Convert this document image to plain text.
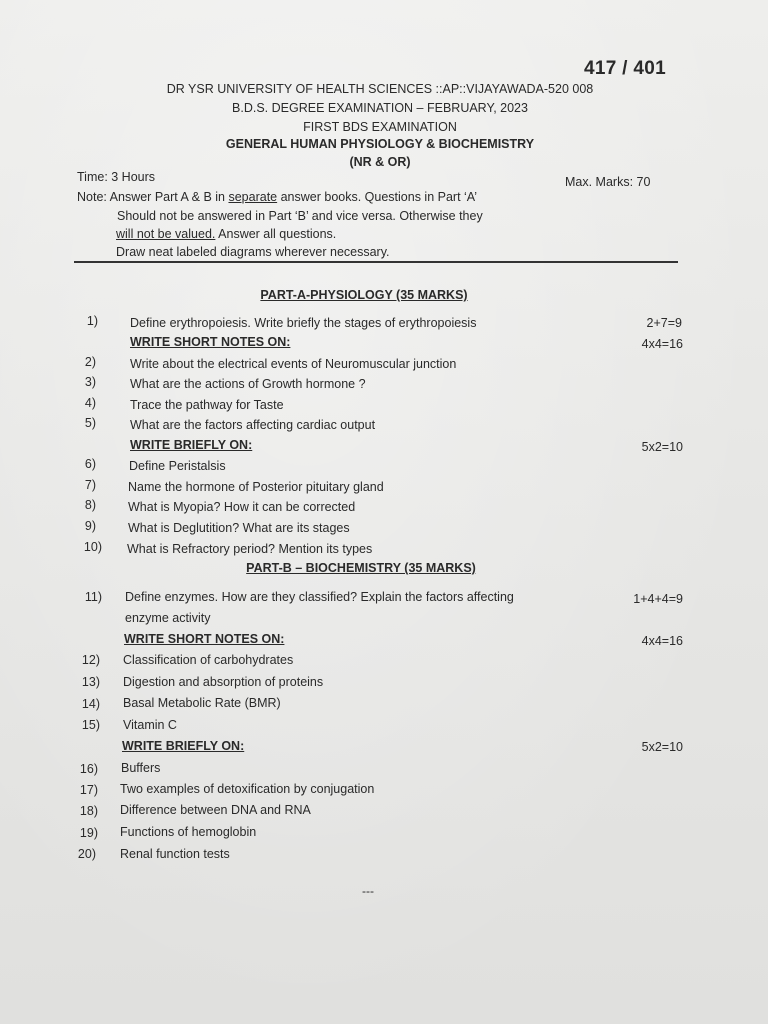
417 / 401
DR YSR UNIVERSITY OF HEALTH SCIENCES ::AP::VIJAYAWADA-520 008
B.D.S. DEGREE EXAMINATION – FEBRUARY, 2023
FIRST BDS EXAMINATION
GENERAL HUMAN PHYSIOLOGY & BIOCHEMISTRY
(NR & OR)
Time: 3 Hours	Max. Marks: 70
Note: Answer Part A & B in separate answer books. Questions in Part ‘A’
Should not be answered in Part ‘B’ and vice versa. Otherwise they
will not be valued. Answer all questions.
Draw neat labeled diagrams wherever necessary.
PART-A-PHYSIOLOGY (35 MARKS)
1)	Define erythropoiesis. Write briefly the stages of erythropoiesis	2+7=9
WRITE SHORT NOTES ON:	4x4=16
2)	Write about the electrical events of Neuromuscular junction
3)	What are the actions of Growth hormone ?
4)	Trace the pathway for Taste
5)	What are the factors affecting cardiac output
WRITE BRIEFLY ON:	5x2=10
6)	Define Peristalsis
7)	Name the hormone of Posterior pituitary gland
8)	What is Myopia? How it can be corrected
9)	What is Deglutition? What are its stages
10) What is Refractory period? Mention its types
PART-B – BIOCHEMISTRY (35 MARKS)
11) Define enzymes. How are they classified? Explain the factors affecting
enzyme activity
1+4+4=9
WRITE SHORT NOTES ON:	4x4=16
12) Classification of carbohydrates
13) Digestion and absorption of proteins
14) Basal Metabolic Rate (BMR)
15) Vitamin C
WRITE BRIEFLY ON:	5x2=10
16) Buffers
17) Two examples of detoxification by conjugation
18) Difference between DNA and RNA
19) Functions of hemoglobin
20) Renal function tests
---
